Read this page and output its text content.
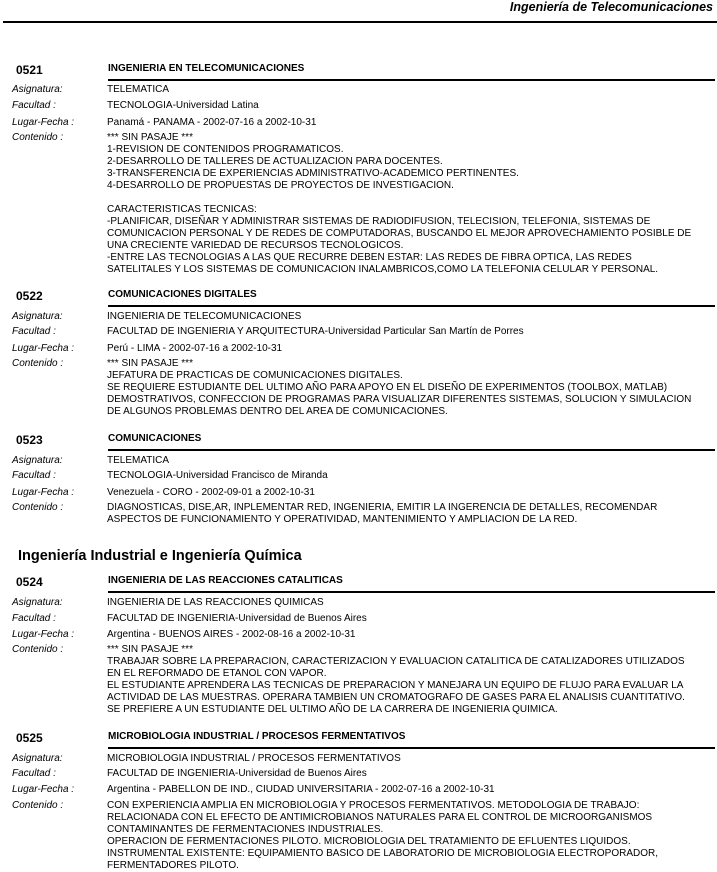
Ingeniería de Telecomunicaciones
0521	INGENIERIA EN TELECOMUNICACIONES
Asignatura:	TELEMATICA
Facultad :	TECNOLOGIA-Universidad Latina
Lugar-Fecha :	Panamá - PANAMA - 2002-07-16 a 2002-10-31
Contenido :	*** SIN PASAJE ***
1-REVISION DE CONTENIDOS PROGRAMATICOS.
2-DESARROLLO DE TALLERES DE ACTUALIZACION PARA DOCENTES.
3-TRANSFERENCIA DE EXPERIENCIAS ADMINISTRATIVO-ACADEMICO PERTINENTES.
4-DESARROLLO DE PROPUESTAS DE PROYECTOS DE INVESTIGACION.

CARACTERISTICAS TECNICAS:
-PLANIFICAR, DISEÑAR Y ADMINISTRAR SISTEMAS DE RADIODIFUSION, TELECISION, TELEFONIA, SISTEMAS DE
COMUNICACION PERSONAL Y DE REDES DE COMPUTADORAS, BUSCANDO EL MEJOR APROVECHAMIENTO POSIBLE DE
UNA CRECIENTE VARIEDAD DE RECURSOS TECNOLOGICOS.
-ENTRE LAS TECNOLOGIAS A LAS QUE RECURRE DEBEN ESTAR: LAS REDES DE FIBRA OPTICA, LAS REDES
SATELITALES Y LOS SISTEMAS DE COMUNICACION INALAMBRICOS,COMO LA TELEFONIA CELULAR Y PERSONAL.
0522	COMUNICACIONES DIGITALES
Asignatura:	INGENIERIA DE TELECOMUNICACIONES
Facultad :	FACULTAD DE INGENIERIA Y ARQUITECTURA-Universidad Particular San Martín de Porres
Lugar-Fecha :	Perú - LIMA - 2002-07-16 a 2002-10-31
Contenido :	*** SIN PASAJE ***
JEFATURA DE PRACTICAS DE COMUNICACIONES DIGITALES.
SE REQUIERE ESTUDIANTE DEL ULTIMO AÑO PARA APOYO EN EL DISEÑO DE EXPERIMENTOS (TOOLBOX, MATLAB)
DEMOSTRATIVOS, CONFECCION DE PROGRAMAS PARA VISUALIZAR DIFERENTES SISTEMAS, SOLUCION Y SIMULACION
DE ALGUNOS PROBLEMAS DENTRO DEL AREA DE COMUNICACIONES.
0523	COMUNICACIONES
Asignatura:	TELEMATICA
Facultad :	TECNOLOGIA-Universidad Francisco de Miranda
Lugar-Fecha :	Venezuela - CORO - 2002-09-01 a 2002-10-31
Contenido :	DIAGNOSTICAS, DISE,AR, INPLEMENTAR RED, INGENIERIA, EMITIR LA INGERENCIA DE DETALLES, RECOMENDAR
ASPECTOS DE FUNCIONAMIENTO Y OPERATIVIDAD, MANTENIMIENTO Y AMPLIACION DE LA RED.
Ingeniería Industrial e Ingeniería Química
0524	INGENIERIA DE LAS REACCIONES CATALITICAS
Asignatura:	INGENIERIA DE LAS REACCIONES QUIMICAS
Facultad :	FACULTAD DE INGENIERIA-Universidad de Buenos Aires
Lugar-Fecha :	Argentina - BUENOS AIRES - 2002-08-16 a 2002-10-31
Contenido :	*** SIN PASAJE ***
TRABAJAR SOBRE LA PREPARACION, CARACTERIZACION Y EVALUACION CATALITICA DE CATALIZADORES UTILIZADOS
EN EL REFORMADO DE ETANOL CON VAPOR.
EL ESTUDIANTE APRENDERA LAS TECNICAS DE PREPARACION Y MANEJARA UN EQUIPO DE FLUJO PARA EVALUAR LA
ACTIVIDAD DE LAS MUESTRAS. OPERARA TAMBIEN UN CROMATOGRAFO DE GASES PARA EL ANALISIS CUANTITATIVO.
SE PREFIERE A UN ESTUDIANTE DEL ULTIMO AÑO DE LA CARRERA DE INGENIERIA QUIMICA.
0525	MICROBIOLOGIA INDUSTRIAL / PROCESOS FERMENTATIVOS
Asignatura:	MICROBIOLOGIA INDUSTRIAL / PROCESOS FERMENTATIVOS
Facultad :	FACULTAD DE INGENIERIA-Universidad de Buenos Aires
Lugar-Fecha :	Argentina - PABELLON DE IND., CIUDAD UNIVERSITARIA - 2002-07-16 a 2002-10-31
Contenido :	CON EXPERIENCIA AMPLIA EN MICROBIOLOGIA Y PROCESOS FERMENTATIVOS. METODOLOGIA DE TRABAJO:
RELACIONADA CON EL EFECTO DE ANTIMICROBIANOS NATURALES PARA EL CONTROL DE MICROORGANISMOS
CONTAMINANTES DE FERMENTACIONES INDUSTRIALES.
OPERACION DE FERMENTACIONES PILOTO. MICROBIOLOGIA DEL TRATAMIENTO DE EFLUENTES LIQUIDOS.
INSTRUMENTAL EXISTENTE: EQUIPAMIENTO BASICO DE LABORATORIO DE MICROBIOLOGIA ELECTROPORADOR,
FERMENTADORES PILOTO.
